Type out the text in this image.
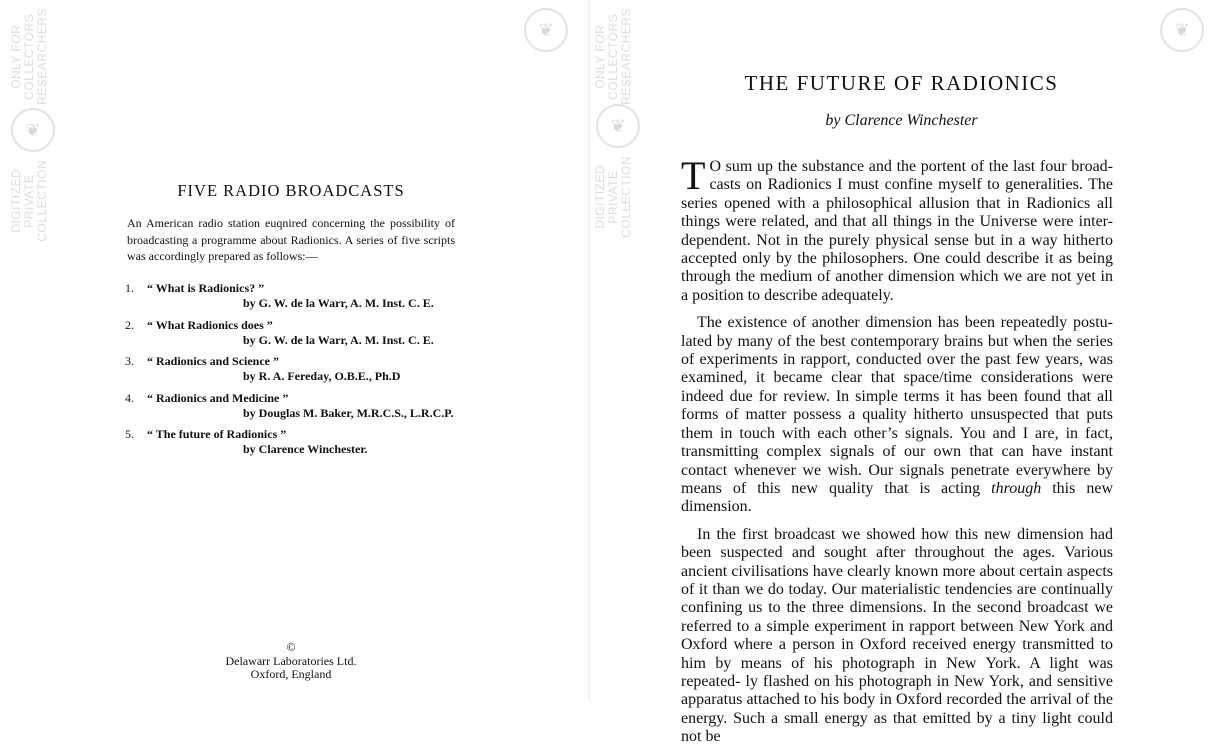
ONLY FOR
COLLECTORS
RESEARCHERS
❦
DIGITIZED
PRIVATE
COLLECTION
❦
FIVE RADIO BROADCASTS
An American radio station euqnired concerning the possibility of broadcasting a programme about Radionics. A series of five scripts was accordingly prepared as follows:—
1. “ What is Radionics? ”
by G. W. de la Warr, A. M. Inst. C. E.
2. “ What Radionics does ”
by G. W. de la Warr, A. M. Inst. C. E.
3. “ Radionics and Science ”
by R. A. Fereday, O.B.E., Ph.D
4. “ Radionics and Medicine ”
by Douglas M. Baker, M.R.C.S., L.R.C.P.
5. “ The future of Radionics ”
by Clarence Winchester.
©
Delawarr Laboratories Ltd.
Oxford, England
ONLY FOR
COLLECTORS
RESEARCHERS
❦
DIGITIZED
PRIVATE
COLLECTION
❦
THE FUTURE OF RADIONICS
by Clarence Winchester

T O sum up the substance and the portent of the last four broad- casts on Radionics I must confine myself to generalities. The series opened with a philosophical allusion that in Radionics all things were related, and that all things in the Universe were inter- dependent. Not in the purely physical sense but in a way hitherto accepted only by the philosophers. One could describe it as being through the medium of another dimension which we are not yet in a position to describe adequately.

The existence of another dimension has been repeatedly postu- lated by many of the best contemporary brains but when the series of experiments in rapport, conducted over the past few years, was examined, it became clear that space/time considerations were indeed due for review. In simple terms it has been found that all forms of matter possess a quality hitherto unsuspected that puts them in touch with each other’s signals. You and I are, in fact, transmitting complex signals of our own that can have instant contact whenever we wish. Our signals penetrate everywhere by means of this new quality that is acting through this new dimension.

In the first broadcast we showed how this new dimension had been suspected and sought after throughout the ages. Various ancient civilisations have clearly known more about certain aspects of it than we do today. Our materialistic tendencies are continually confining us to the three dimensions. In the second broadcast we referred to a simple experiment in rapport between New York and Oxford where a person in Oxford received energy transmitted to him by means of his photograph in New York. A light was repeated- ly flashed on his photograph in New York, and sensitive apparatus attached to his body in Oxford recorded the arrival of the energy. Such a small energy as that emitted by a tiny light could not be
